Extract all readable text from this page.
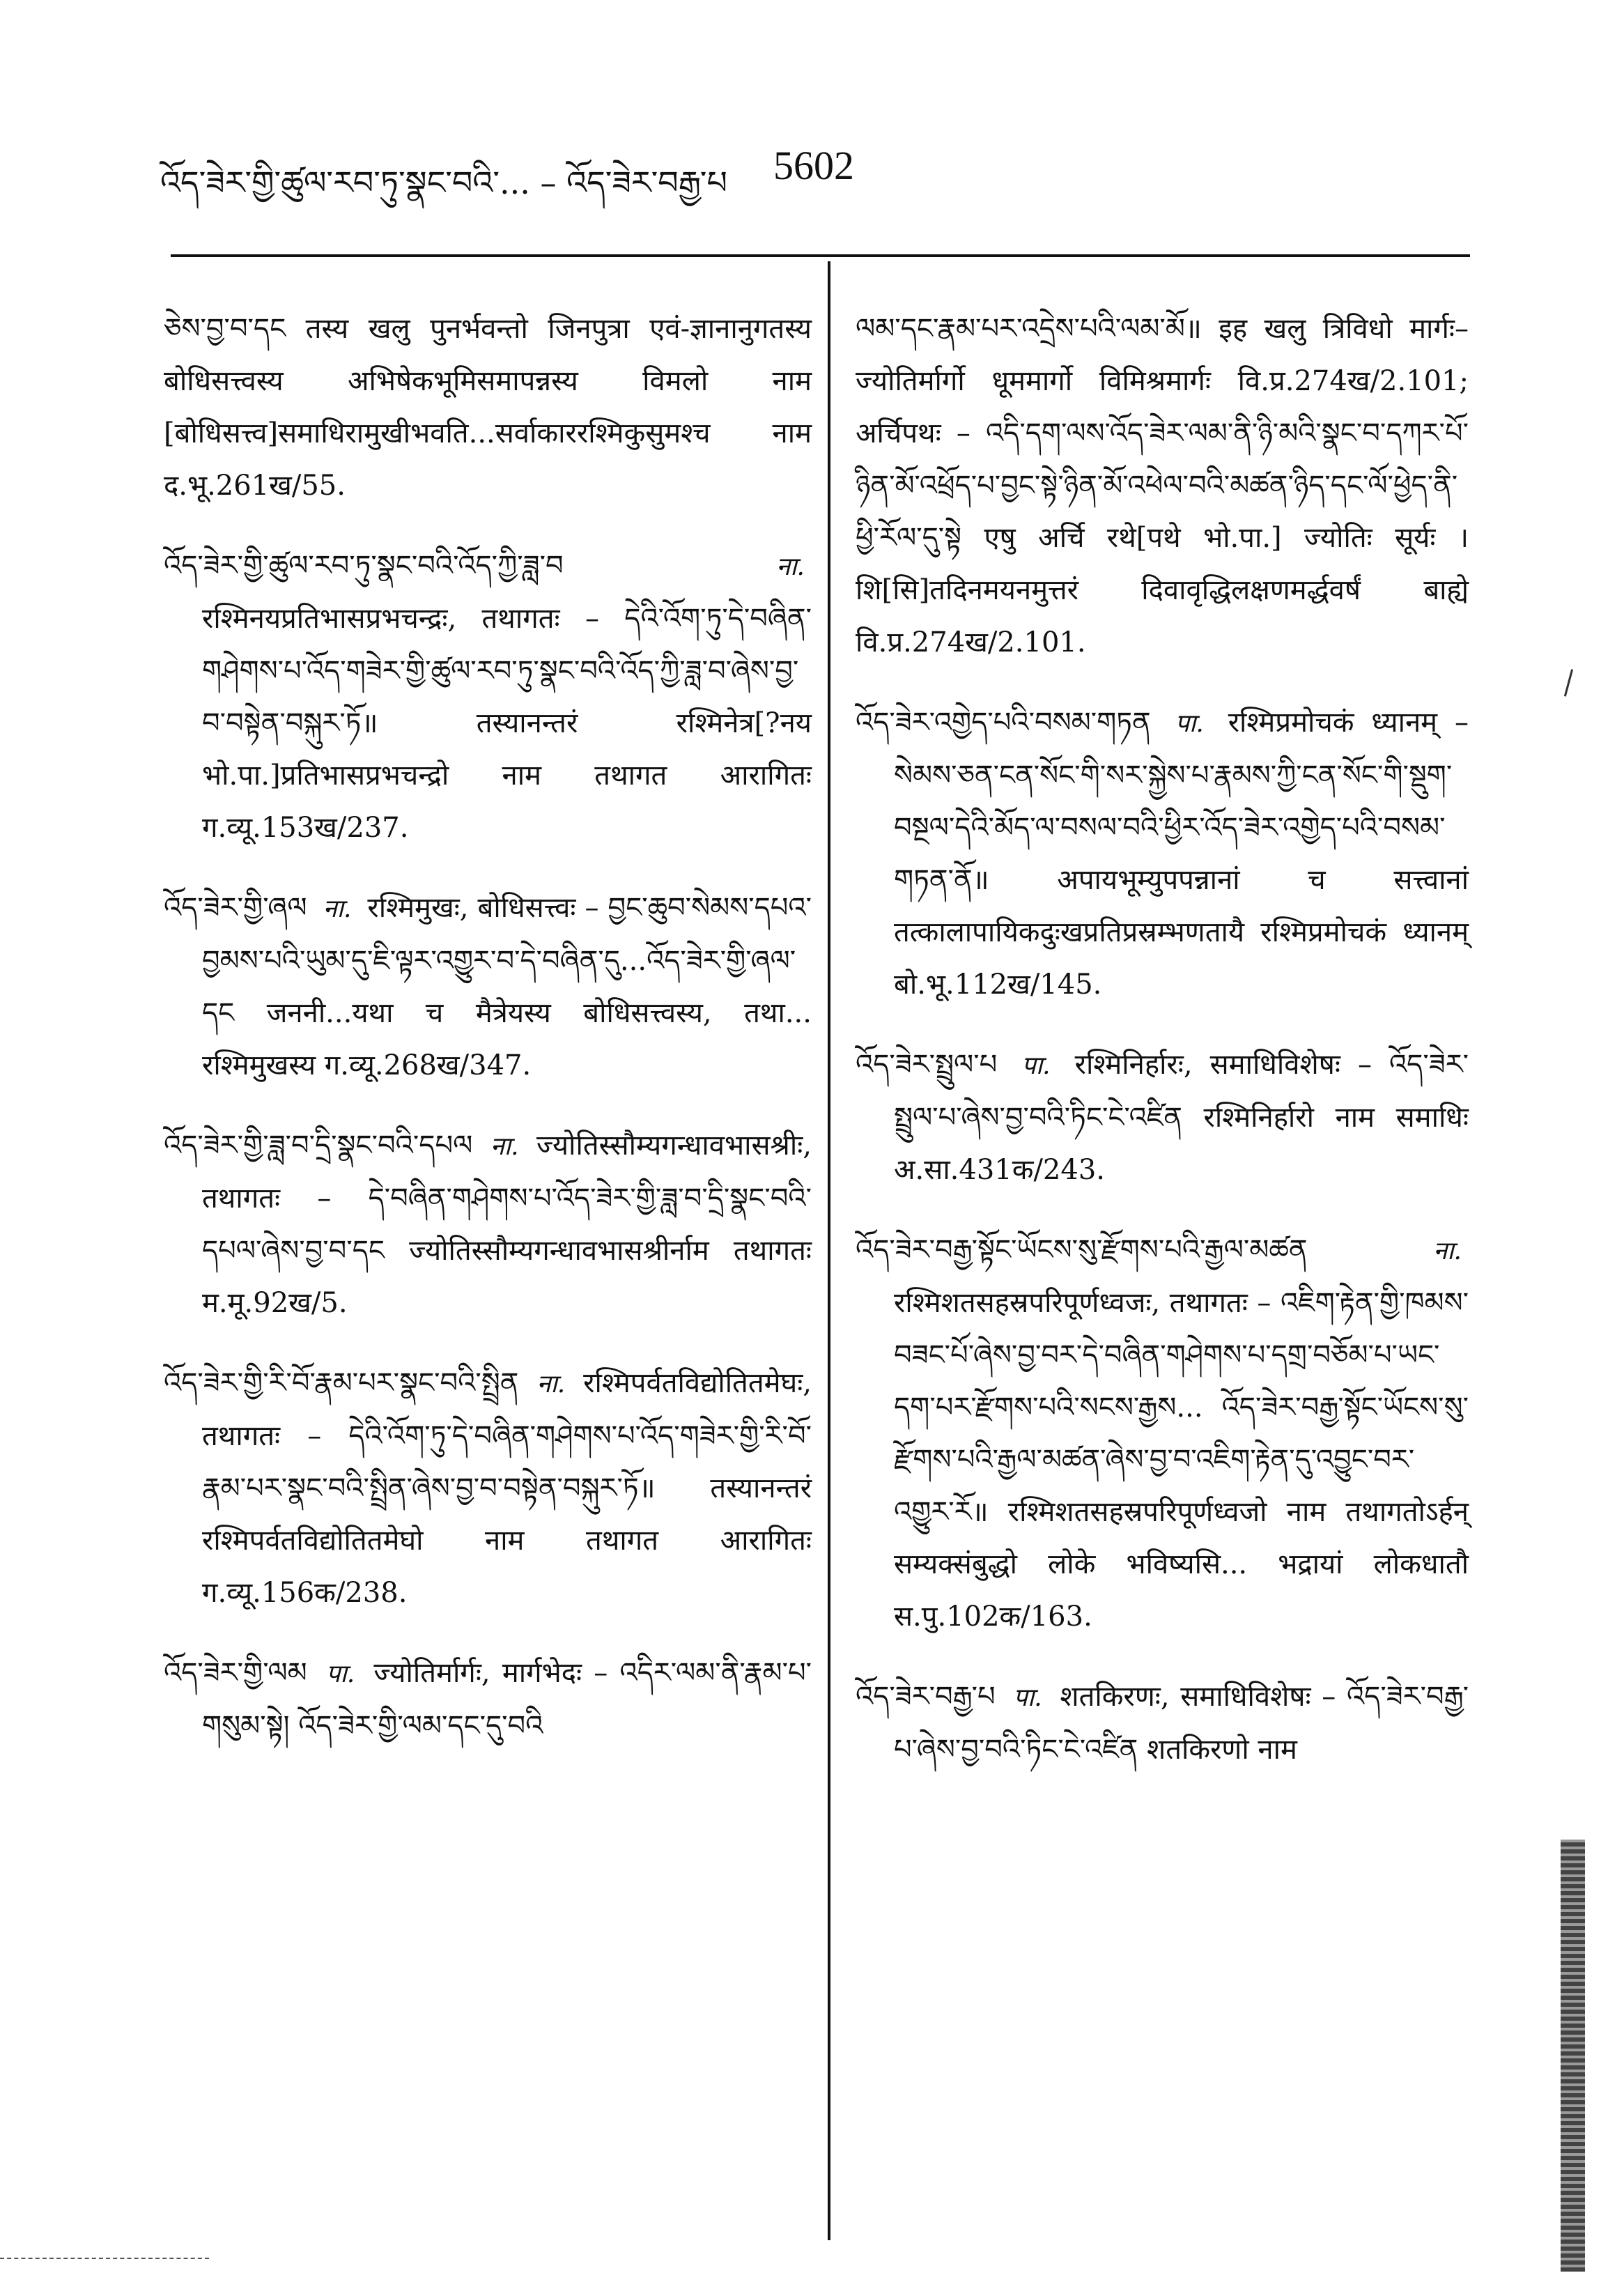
འོད་ཟེར་གྱི་ཚུལ་རབ་ཏུ་སྣང་བའི་... – འོད་ཟེར་བརྒྱ་པ 5602

ཅེས་བྱ་བ་དང तस्य खलु पुनर्भवन्तो जिनपुत्रा एवं-ज्ञानानुगतस्य बोधिसत्त्वस्य अभिषेकभूमिसमापन्नस्य विमलो नाम [बोधिसत्त्व]समाधिरामुखीभवति...सर्वाकाररश्मिकुसुमश्च नाम द.भू.261ख/55.

འོད་ཟེར་གྱི་ཚུལ་རབ་ཏུ་སྣང་བའི་འོད་ཀྱི་ཟླ་བ	ना. रश्मिनयप्रतिभासप्रभचन्द्रः, तथागतः – དེའི་འོག་ཏུ་དེ་བཞིན་གཤེགས་པ་འོད་གཟེར་གྱི་ཚུལ་རབ་ཏུ་སྣང་བའི་འོད་ཀྱི་ཟླ་བ་ཞེས་བྱ་བ་བསྟེན་བསྐུར་ཏོ॥ तस्यानन्तरं रश्मिनेत्र[?नय भो.पा.]प्रतिभासप्रभचन्द्रो नाम तथागत आरागितः ग.व्यू.153ख/237.

འོད་ཟེར་གྱི་ཞལ ना. रश्मिमुखः, बोधिसत्त्वः – བྱང་ཆུབ་སེམས་དཔའ་བྱམས་པའི་ཡུམ་དུ་ཇི་ལྟར་འགྱུར་བ་དེ་བཞིན་དུ...འོད་ཟེར་གྱི་ཞལ་དང जननी...यथा च मैत्रेयस्य बोधिसत्त्वस्य, तथा... रश्मिमुखस्य ग.व्यू.268ख/347.

འོད་ཟེར་གྱི་ཟླ་བ་དྲི་སྣང་བའི་དཔལ ना. ज्योतिस्सौम्यगन्धावभासश्रीः, तथागतः – དེ་བཞིན་གཤེགས་པ་འོད་ཟེར་གྱི་ཟླ་བ་དྲི་སྣང་བའི་དཔལ་ཞེས་བྱ་བ་དང ज्योतिस्सौम्यगन्धावभासश्रीर्नाम तथागतः म.मू.92ख/5.

འོད་ཟེར་གྱི་རི་བོ་རྣམ་པར་སྣང་བའི་སྤྲིན ना. रश्मिपर्वतविद्योतितमेघः, तथागतः – དེའི་འོག་ཏུ་དེ་བཞིན་གཤེགས་པ་འོད་གཟེར་གྱི་རི་བོ་རྣམ་པར་སྣང་བའི་སྤྲིན་ཞེས་བྱ་བ་བསྟེན་བསྐུར་ཏོ॥ तस्यानन्तरं रश्मिपर्वतविद्योतितमेघो नाम तथागत आरागितः ग.व्यू.156क/238.

འོད་ཟེར་གྱི་ལམ पा. ज्योतिर्मार्गः, मार्गभेदः – འདིར་ལམ་ནི་རྣམ་པ་གསུམ་སྟེ། འོད་ཟེར་གྱི་ལམ་དང་དུ་བའི

ལམ་དང་རྣམ་པར་འདྲེས་པའི་ལམ་མོ॥ इह खलु त्रिविधो मार्गः–ज्योतिर्मार्गो धूममार्गो विमिश्रमार्गः वि.प्र.274ख/2.101; अर्चिपथः – འདི་དག་ལས་འོད་ཟེར་ལམ་ནི་ཉི་མའི་སྣང་བ་དཀར་པོ་ཉིན་མོ་འཕྲོད་པ་བྱང་སྟེ་ཉིན་མོ་འཕེལ་བའི་མཚན་ཉིད་དང་ལོ་ཕྱེད་ནི་ཕྱི་རོལ་དུ་སྟེ एषु अर्चि रथे[पथे भो.पा.] ज्योतिः सूर्यः । शि[सि]तदिनमयनमुत्तरं दिवावृद्धिलक्षणमर्द्धवर्षं बाह्ये वि.प्र.274ख/2.101.

འོད་ཟེར་འགྱེད་པའི་བསམ་གཏན पा. रश्मिप्रमोचकं ध्यानम् – སེམས་ཅན་ངན་སོང་གི་སར་སྐྱེས་པ་རྣམས་ཀྱི་ངན་སོང་གི་སྡུག་བསྔལ་དེའི་མོད་ལ་བསལ་བའི་ཕྱིར་འོད་ཟེར་འགྱེད་པའི་བསམ་གཏན་ནོ॥ अपायभूम्युपपन्नानां च सत्त्वानां तत्कालापायिकदुःखप्रतिप्रस्रम्भणतायै रश्मिप्रमोचकं ध्यानम् बो.भू.112ख/145.

འོད་ཟེར་སྤྲུལ་པ पा. रश्मिनिर्हारः, समाधिविशेषः – འོད་ཟེར་སྤྲུལ་པ་ཞེས་བྱ་བའི་ཏིང་ངེ་འཛིན रश्मिनिर्हारो नाम समाधिः अ.सा.431क/243.

འོད་ཟེར་བརྒྱ་སྟོང་ཡོངས་སུ་རྫོགས་པའི་རྒྱལ་མཚན	ना. रश्मिशतसहस्रपरिपूर्णध्वजः, तथागतः – འཇིག་རྟེན་གྱི་ཁམས་བཟང་པོ་ཞེས་བྱ་བར་དེ་བཞིན་གཤེགས་པ་དགྲ་བཅོམ་པ་ཡང་དག་པར་རྫོགས་པའི་སངས་རྒྱས... འོད་ཟེར་བརྒྱ་སྟོང་ཡོངས་སུ་རྫོགས་པའི་རྒྱལ་མཚན་ཞེས་བྱ་བ་འཇིག་རྟེན་དུ་འབྱུང་བར་འགྱུར་རོ॥ रश्मिशतसहस्रपरिपूर्णध्वजो नाम तथागतोऽर्हन् सम्यक्संबुद्धो लोके भविष्यसि... भद्रायां लोकधातौ स.पु.102क/163.

འོད་ཟེར་བརྒྱ་པ पा. शतकिरणः, समाधिविशेषः – འོད་ཟེར་བརྒྱ་པ་ཞེས་བྱ་བའི་ཏིང་ངེ་འཛིན शतकिरणो नाम
